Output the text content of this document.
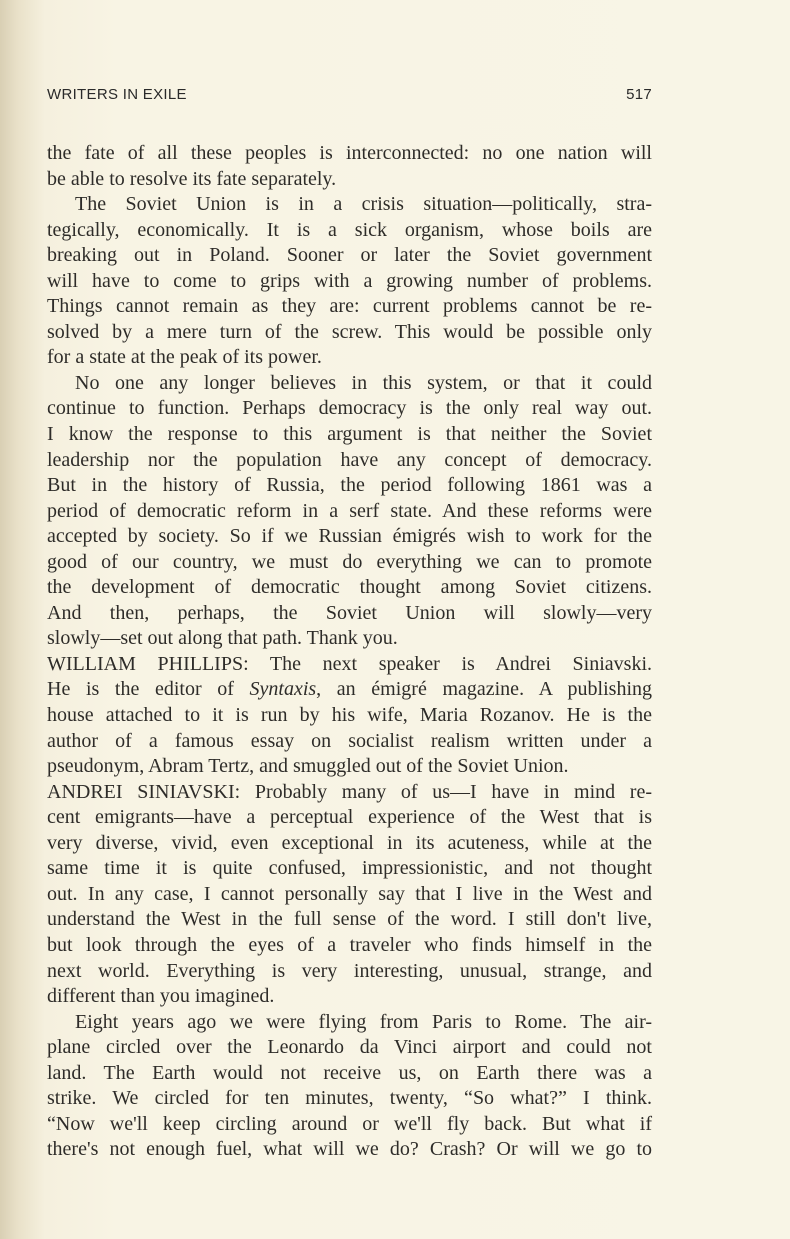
WRITERS IN EXILE	517
the fate of all these peoples is interconnected: no one nation will
be able to resolve its fate separately.
The Soviet Union is in a crisis situation—politically, stra-
tegically, economically. It is a sick organism, whose boils are
breaking out in Poland. Sooner or later the Soviet government
will have to come to grips with a growing number of problems.
Things cannot remain as they are: current problems cannot be re-
solved by a mere turn of the screw. This would be possible only
for a state at the peak of its power.
No one any longer believes in this system, or that it could
continue to function. Perhaps democracy is the only real way out.
I know the response to this argument is that neither the Soviet
leadership nor the population have any concept of democracy.
But in the history of Russia, the period following 1861 was a
period of democratic reform in a serf state. And these reforms were
accepted by society. So if we Russian émigrés wish to work for the
good of our country, we must do everything we can to promote
the development of democratic thought among Soviet citizens.
And then, perhaps, the Soviet Union will slowly—very
slowly—set out along that path. Thank you.
WILLIAM PHILLIPS: The next speaker is Andrei Siniavski.
He is the editor of Syntaxis, an émigré magazine. A publishing
house attached to it is run by his wife, Maria Rozanov. He is the
author of a famous essay on socialist realism written under a
pseudonym, Abram Tertz, and smuggled out of the Soviet Union.
ANDREI SINIAVSKI: Probably many of us—I have in mind re-
cent emigrants—have a perceptual experience of the West that is
very diverse, vivid, even exceptional in its acuteness, while at the
same time it is quite confused, impressionistic, and not thought
out. In any case, I cannot personally say that I live in the West and
understand the West in the full sense of the word. I still don't live,
but look through the eyes of a traveler who finds himself in the
next world. Everything is very interesting, unusual, strange, and
different than you imagined.
Eight years ago we were flying from Paris to Rome. The air-
plane circled over the Leonardo da Vinci airport and could not
land. The Earth would not receive us, on Earth there was a
strike. We circled for ten minutes, twenty, “So what?” I think.
“Now we'll keep circling around or we'll fly back. But what if
there's not enough fuel, what will we do? Crash? Or will we go to
